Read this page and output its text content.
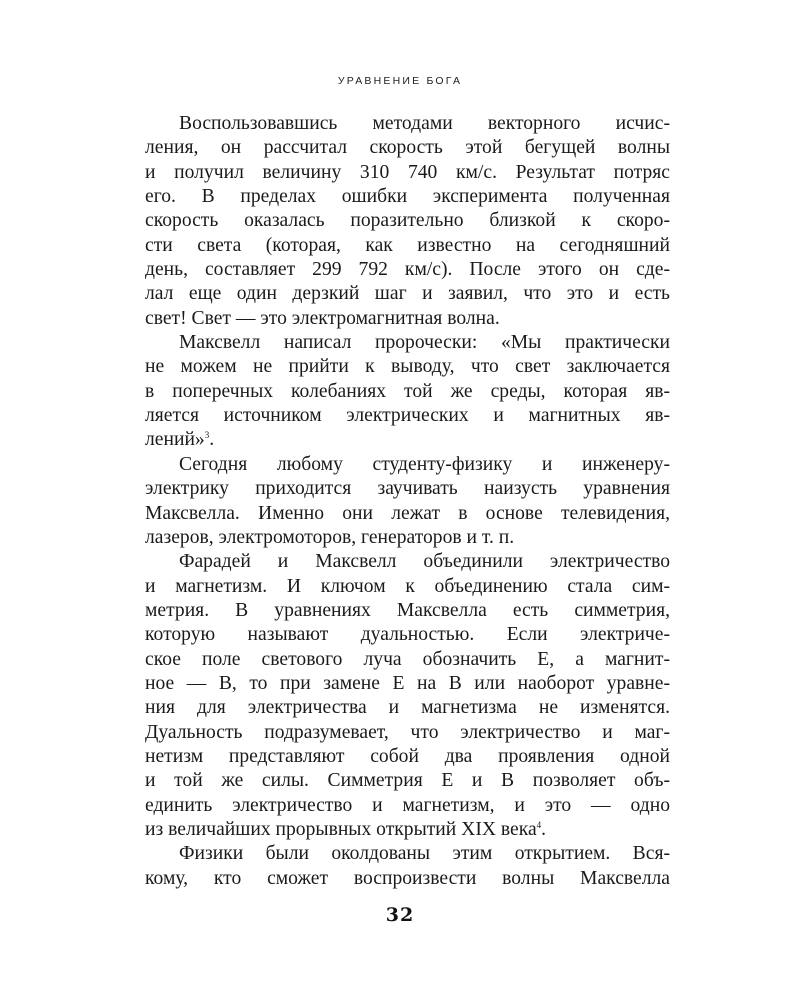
УРАВНЕНИЕ БОГА
Воспользовавшись методами векторного исчис-
ления, он рассчитал скорость этой бегущей волны
и получил величину 310 740 км/с. Результат потряс
его. В пределах ошибки эксперимента полученная
скорость оказалась поразительно близкой к скоро-
сти света (которая, как известно на сегодняшний
день, составляет 299 792 км/с). После этого он сде-
лал еще один дерзкий шаг и заявил, что это и есть
свет! Свет — это электромагнитная волна.
Максвелл написал пророчески: «Мы практически
не можем не прийти к выводу, что свет заключается
в поперечных колебаниях той же среды, которая яв-
ляется источником электрических и магнитных яв-
лений»$^3$.
Сегодня любому студенту-физику и инженеру-
электрику приходится заучивать наизусть уравнения
Максвелла. Именно они лежат в основе телевидения,
лазеров, электромоторов, генераторов и т. п.
Фарадей и Максвелл объединили электричество
и магнетизм. И ключом к объединению стала сим-
метрия. В уравнениях Максвелла есть симметрия,
которую называют дуальностью. Если электриче-
ское поле светового луча обозначить E, а магнит-
ное — B, то при замене E на B или наоборот уравне-
ния для электричества и магнетизма не изменятся.
Дуальность подразумевает, что электричество и маг-
нетизм представляют собой два проявления одной
и той же силы. Симметрия E и B позволяет объ-
единить электричество и магнетизм, и это — одно
из величайших прорывных открытий XIX века$^4$.
Физики были околдованы этим открытием. Вся-
кому, кто сможет воспроизвести волны Максвелла
32
